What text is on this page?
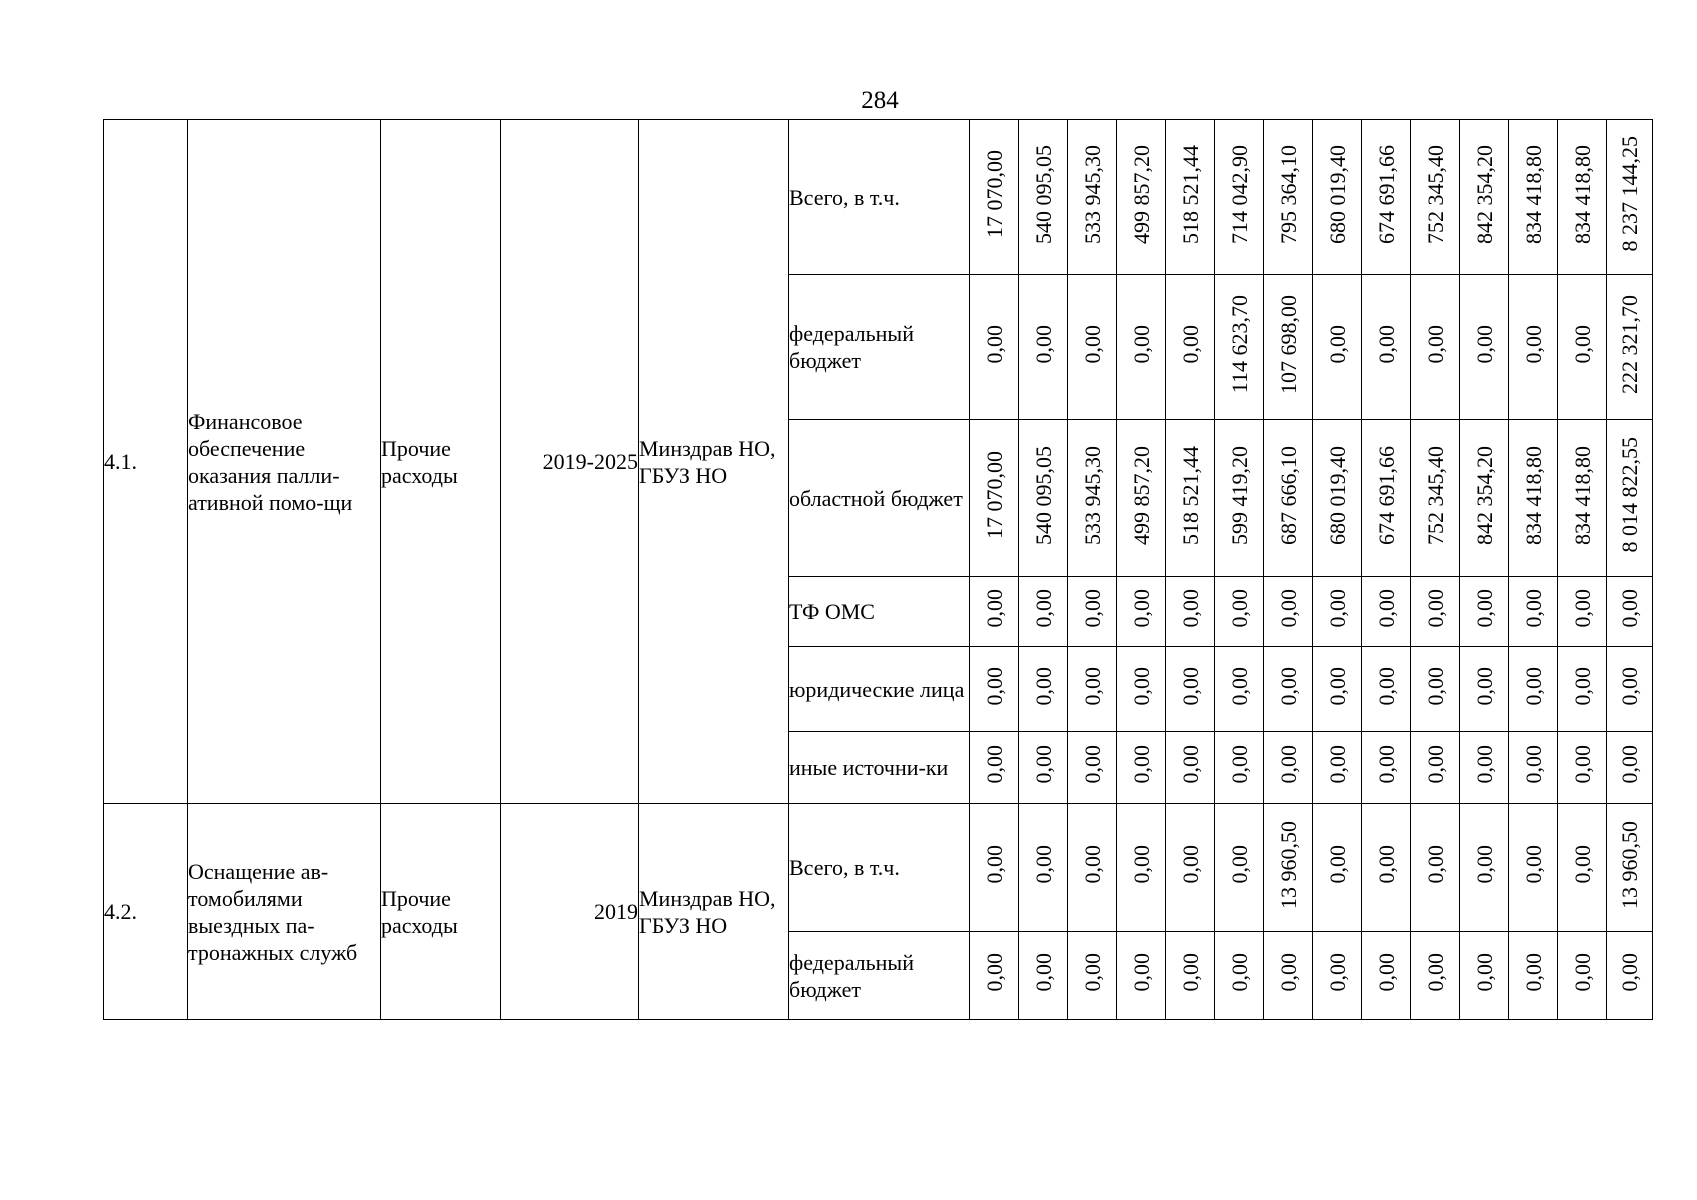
284
4.1.	Финансовое обеспечение оказания палли-ативной помо-щи	Прочие расходы	2019-2025	Минздрав НО, ГБУЗ НО	Всего, в т.ч.	17 070,00	540 095,05	533 945,30	499 857,20	518 521,44	714 042,90	795 364,10	680 019,40	674 691,66	752 345,40	842 354,20	834 418,80	834 418,80	8 237 144,25
					федеральный бюджет	0,00	0,00	0,00	0,00	0,00	114 623,70	107 698,00	0,00	0,00	0,00	0,00	0,00	0,00	222 321,70
					областной бюджет	17 070,00	540 095,05	533 945,30	499 857,20	518 521,44	599 419,20	687 666,10	680 019,40	674 691,66	752 345,40	842 354,20	834 418,80	834 418,80	8 014 822,55
					ТФ ОМС	0,00	0,00	0,00	0,00	0,00	0,00	0,00	0,00	0,00	0,00	0,00	0,00	0,00	0,00
					юридические лица	0,00	0,00	0,00	0,00	0,00	0,00	0,00	0,00	0,00	0,00	0,00	0,00	0,00	0,00
					иные источни-ки	0,00	0,00	0,00	0,00	0,00	0,00	0,00	0,00	0,00	0,00	0,00	0,00	0,00	0,00
4.2.	Оснащение ав-томобилями выездных па-тронажных служб	Прочие расходы	2019	Минздрав НО, ГБУЗ НО	Всего, в т.ч.	0,00	0,00	0,00	0,00	0,00	0,00	13 960,50	0,00	0,00	0,00	0,00	0,00	0,00	13 960,50
					федеральный бюджет	0,00	0,00	0,00	0,00	0,00	0,00	0,00	0,00	0,00	0,00	0,00	0,00	0,00	0,00
